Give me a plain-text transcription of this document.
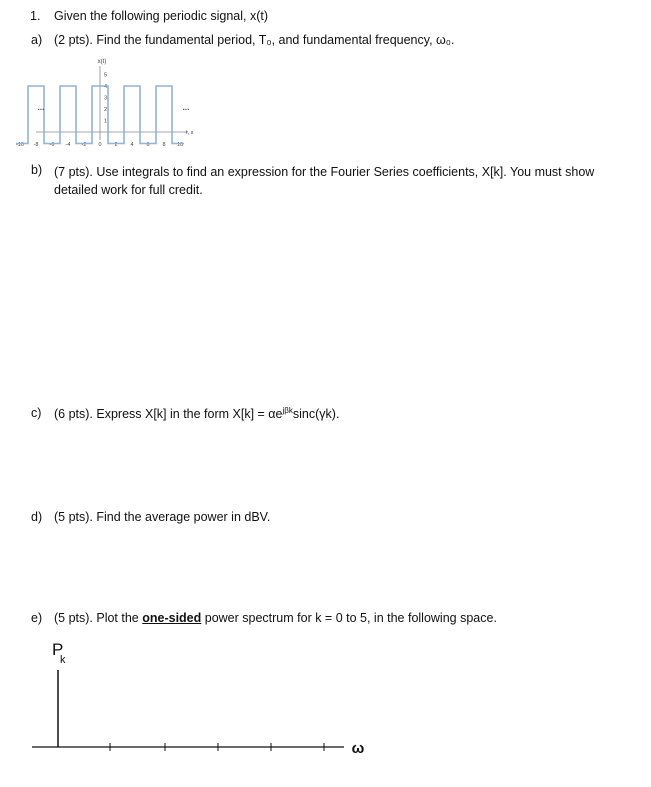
1. Given the following periodic signal, x(t)
a) (2 pts). Find the fundamental period, T₀, and fundamental frequency, ω₀.
x(t)
5
4
3
2
1
-10 -8 -6 -4 -2 0 2 4 6 8 10
...	...
t, s
b) (7 pts). Use integrals to find an expression for the Fourier Series coefficients, X[k]. You must show detailed work for full credit.
c) (6 pts). Express X[k] in the form $X[k] = \alpha e^{j\beta k}\sin c(\gamma k)$.
d) (5 pts). Find the average power in dBV.
e) (5 pts). Plot the one-sided power spectrum for k = 0 to 5, in the following space.
P
k
ω
